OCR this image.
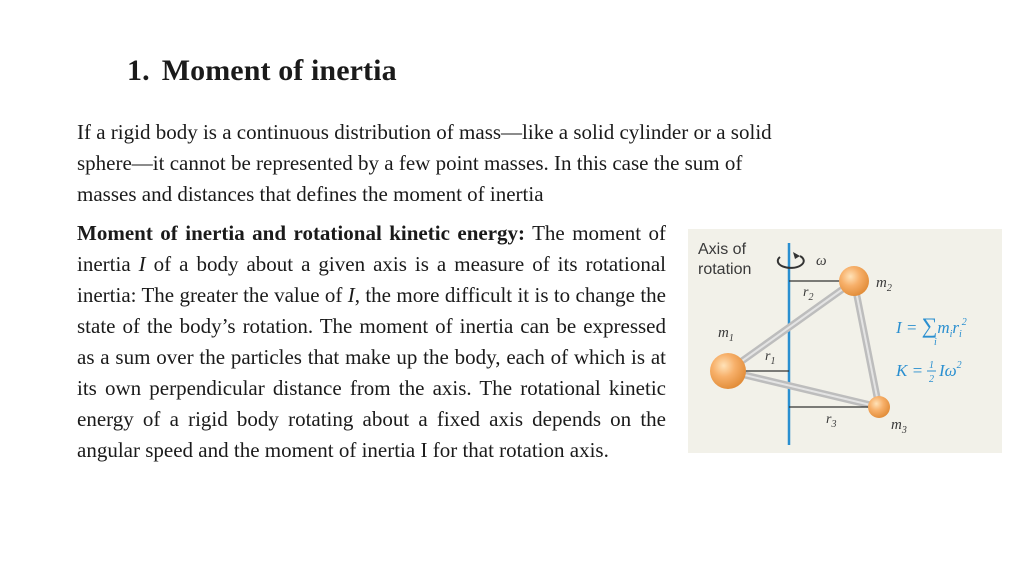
1. Moment of inertia

If a rigid body is a continuous distribution of mass—like a solid cylinder or a solid

sphere—it cannot be represented by a few point masses. In this case the sum of

masses and distances that defines the moment of inertia

Moment of inertia and rotational kinetic energy: The moment of inertia I of a body about a given axis is a measure of its rotational inertia: The greater the value of I, the more difficult it is to change the state of the body’s rotation. The moment of inertia can be expressed as a sum over the particles that make up the body, each of which is at its own perpendicular distance from the axis. The rotational kinetic energy of a rigid body rotating about a fixed axis depends on the angular speed and the moment of inertia I for that rotation axis.

Axis of
rotation	ω
$m_2$
$m_1$
$m_3$
$r_2$
$r_1$
$r_3$
$I = \sum m_ir_i^2$
i
K = 1
2 $I\omega^2$
